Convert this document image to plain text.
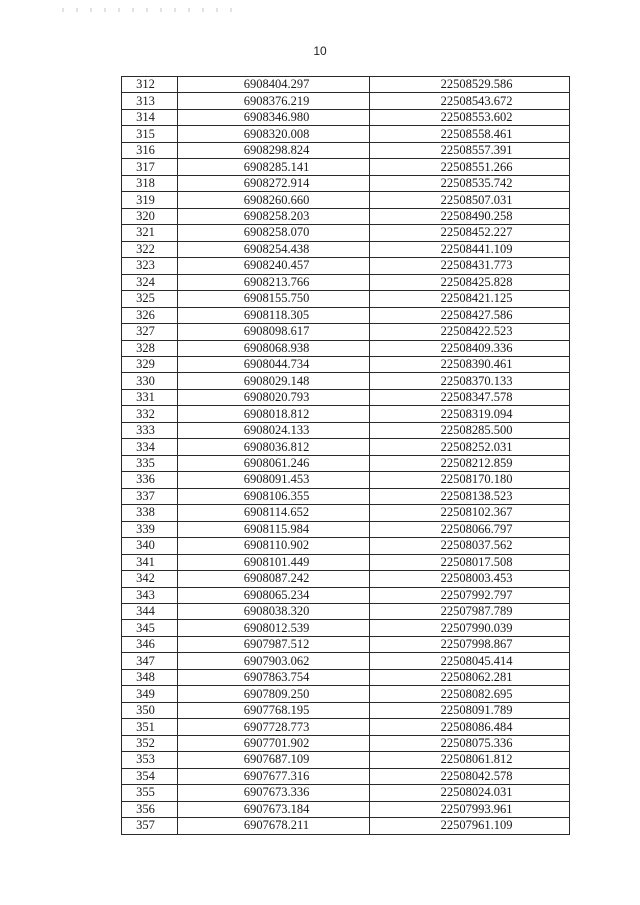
10
312	6908404.297	22508529.586
313	6908376.219	22508543.672
314	6908346.980	22508553.602
315	6908320.008	22508558.461
316	6908298.824	22508557.391
317	6908285.141	22508551.266
318	6908272.914	22508535.742
319	6908260.660	22508507.031
320	6908258.203	22508490.258
321	6908258.070	22508452.227
322	6908254.438	22508441.109
323	6908240.457	22508431.773
324	6908213.766	22508425.828
325	6908155.750	22508421.125
326	6908118.305	22508427.586
327	6908098.617	22508422.523
328	6908068.938	22508409.336
329	6908044.734	22508390.461
330	6908029.148	22508370.133
331	6908020.793	22508347.578
332	6908018.812	22508319.094
333	6908024.133	22508285.500
334	6908036.812	22508252.031
335	6908061.246	22508212.859
336	6908091.453	22508170.180
337	6908106.355	22508138.523
338	6908114.652	22508102.367
339	6908115.984	22508066.797
340	6908110.902	22508037.562
341	6908101.449	22508017.508
342	6908087.242	22508003.453
343	6908065.234	22507992.797
344	6908038.320	22507987.789
345	6908012.539	22507990.039
346	6907987.512	22507998.867
347	6907903.062	22508045.414
348	6907863.754	22508062.281
349	6907809.250	22508082.695
350	6907768.195	22508091.789
351	6907728.773	22508086.484
352	6907701.902	22508075.336
353	6907687.109	22508061.812
354	6907677.316	22508042.578
355	6907673.336	22508024.031
356	6907673.184	22507993.961
357	6907678.211	22507961.109
